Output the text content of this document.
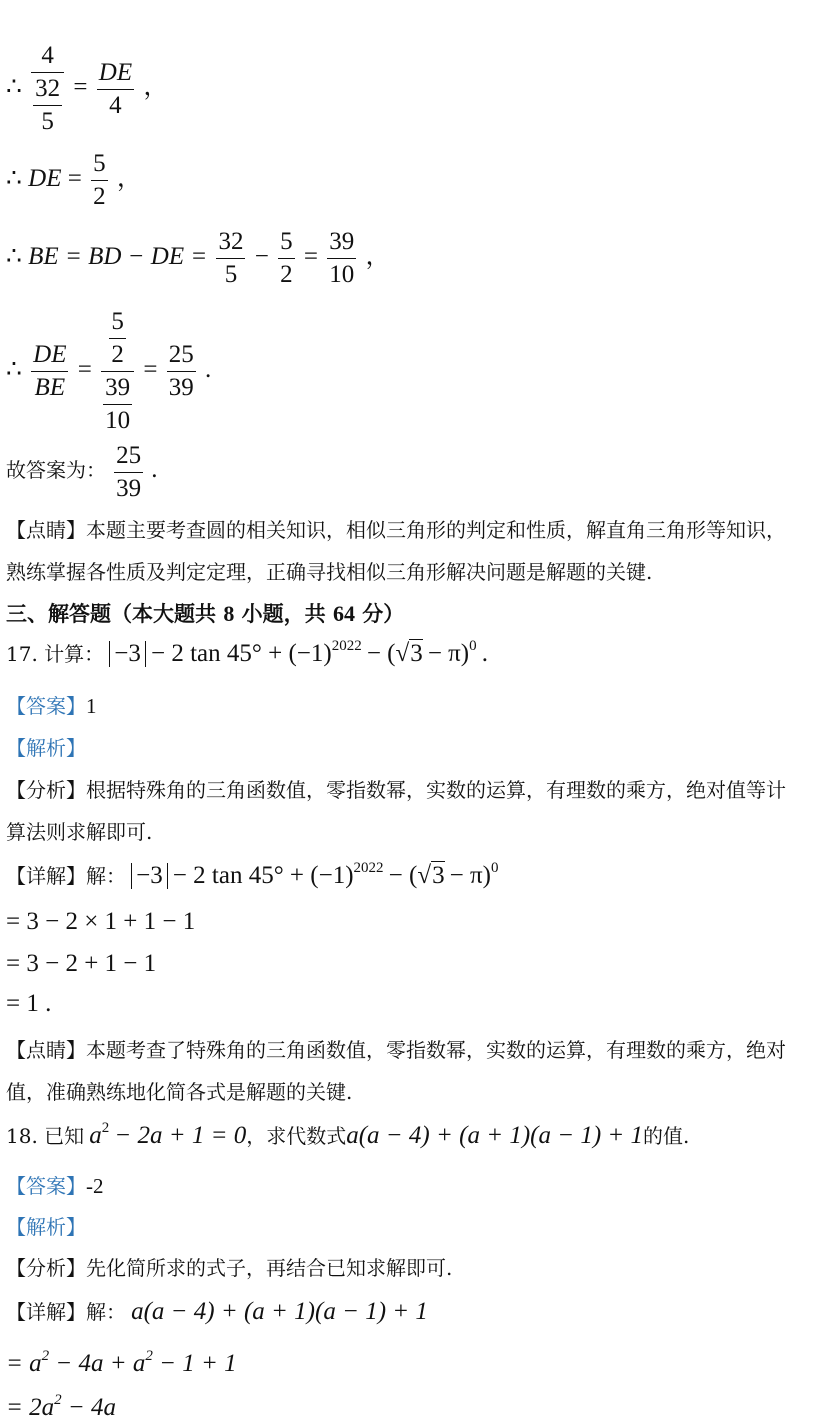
∴ $\frac{4}{\frac{32}{5}} = \frac{DE}{4}$ ，
∴ DE = $\frac{5}{2}$ ，
∴ BE = BD − DE = $\frac{32}{5} - \frac{5}{2} = \frac{39}{10}$ ，
∴ $\frac{DE}{BE} = \frac{\frac{5}{2}}{\frac{39}{10}} = \frac{25}{39}$ .
故答案为： $\frac{25}{39}$ .
【点睛】本题主要考查圆的相关知识，相似三角形的判定和性质，解直角三角形等知识，
熟练掌握各性质及判定定理，正确寻找相似三角形解决问题是解题的关键.
三、解答题（本大题共 8 小题，共 64 分）
17. 计算： −3 − 2 tan 45° + (−1)2022 − (√3 − π)0 .
【答案】1
【解析】
【分析】根据特殊角的三角函数值，零指数幂，实数的运算，有理数的乘方，绝对值等计
算法则求解即可.
【详解】解： −3 − 2 tan 45° + (−1)2022 − (√3 − π)0
= 3 − 2 × 1 + 1 − 1
= 3 − 2 + 1 − 1
= 1 .
【点睛】本题考查了特殊角的三角函数值，零指数幂，实数的运算，有理数的乘方，绝对
值，准确熟练地化简各式是解题的关键.
18. 已知 a2 − 2a + 1 = 0，求代数式a(a − 4) + (a + 1)(a − 1) + 1的值.
【答案】-2
【解析】
【分析】先化简所求的式子，再结合已知求解即可.
【详解】解： a(a − 4) + (a + 1)(a − 1) + 1
= $a^2 - 4a + a^2 - 1 + 1$
= $2a^2 - 4a$
